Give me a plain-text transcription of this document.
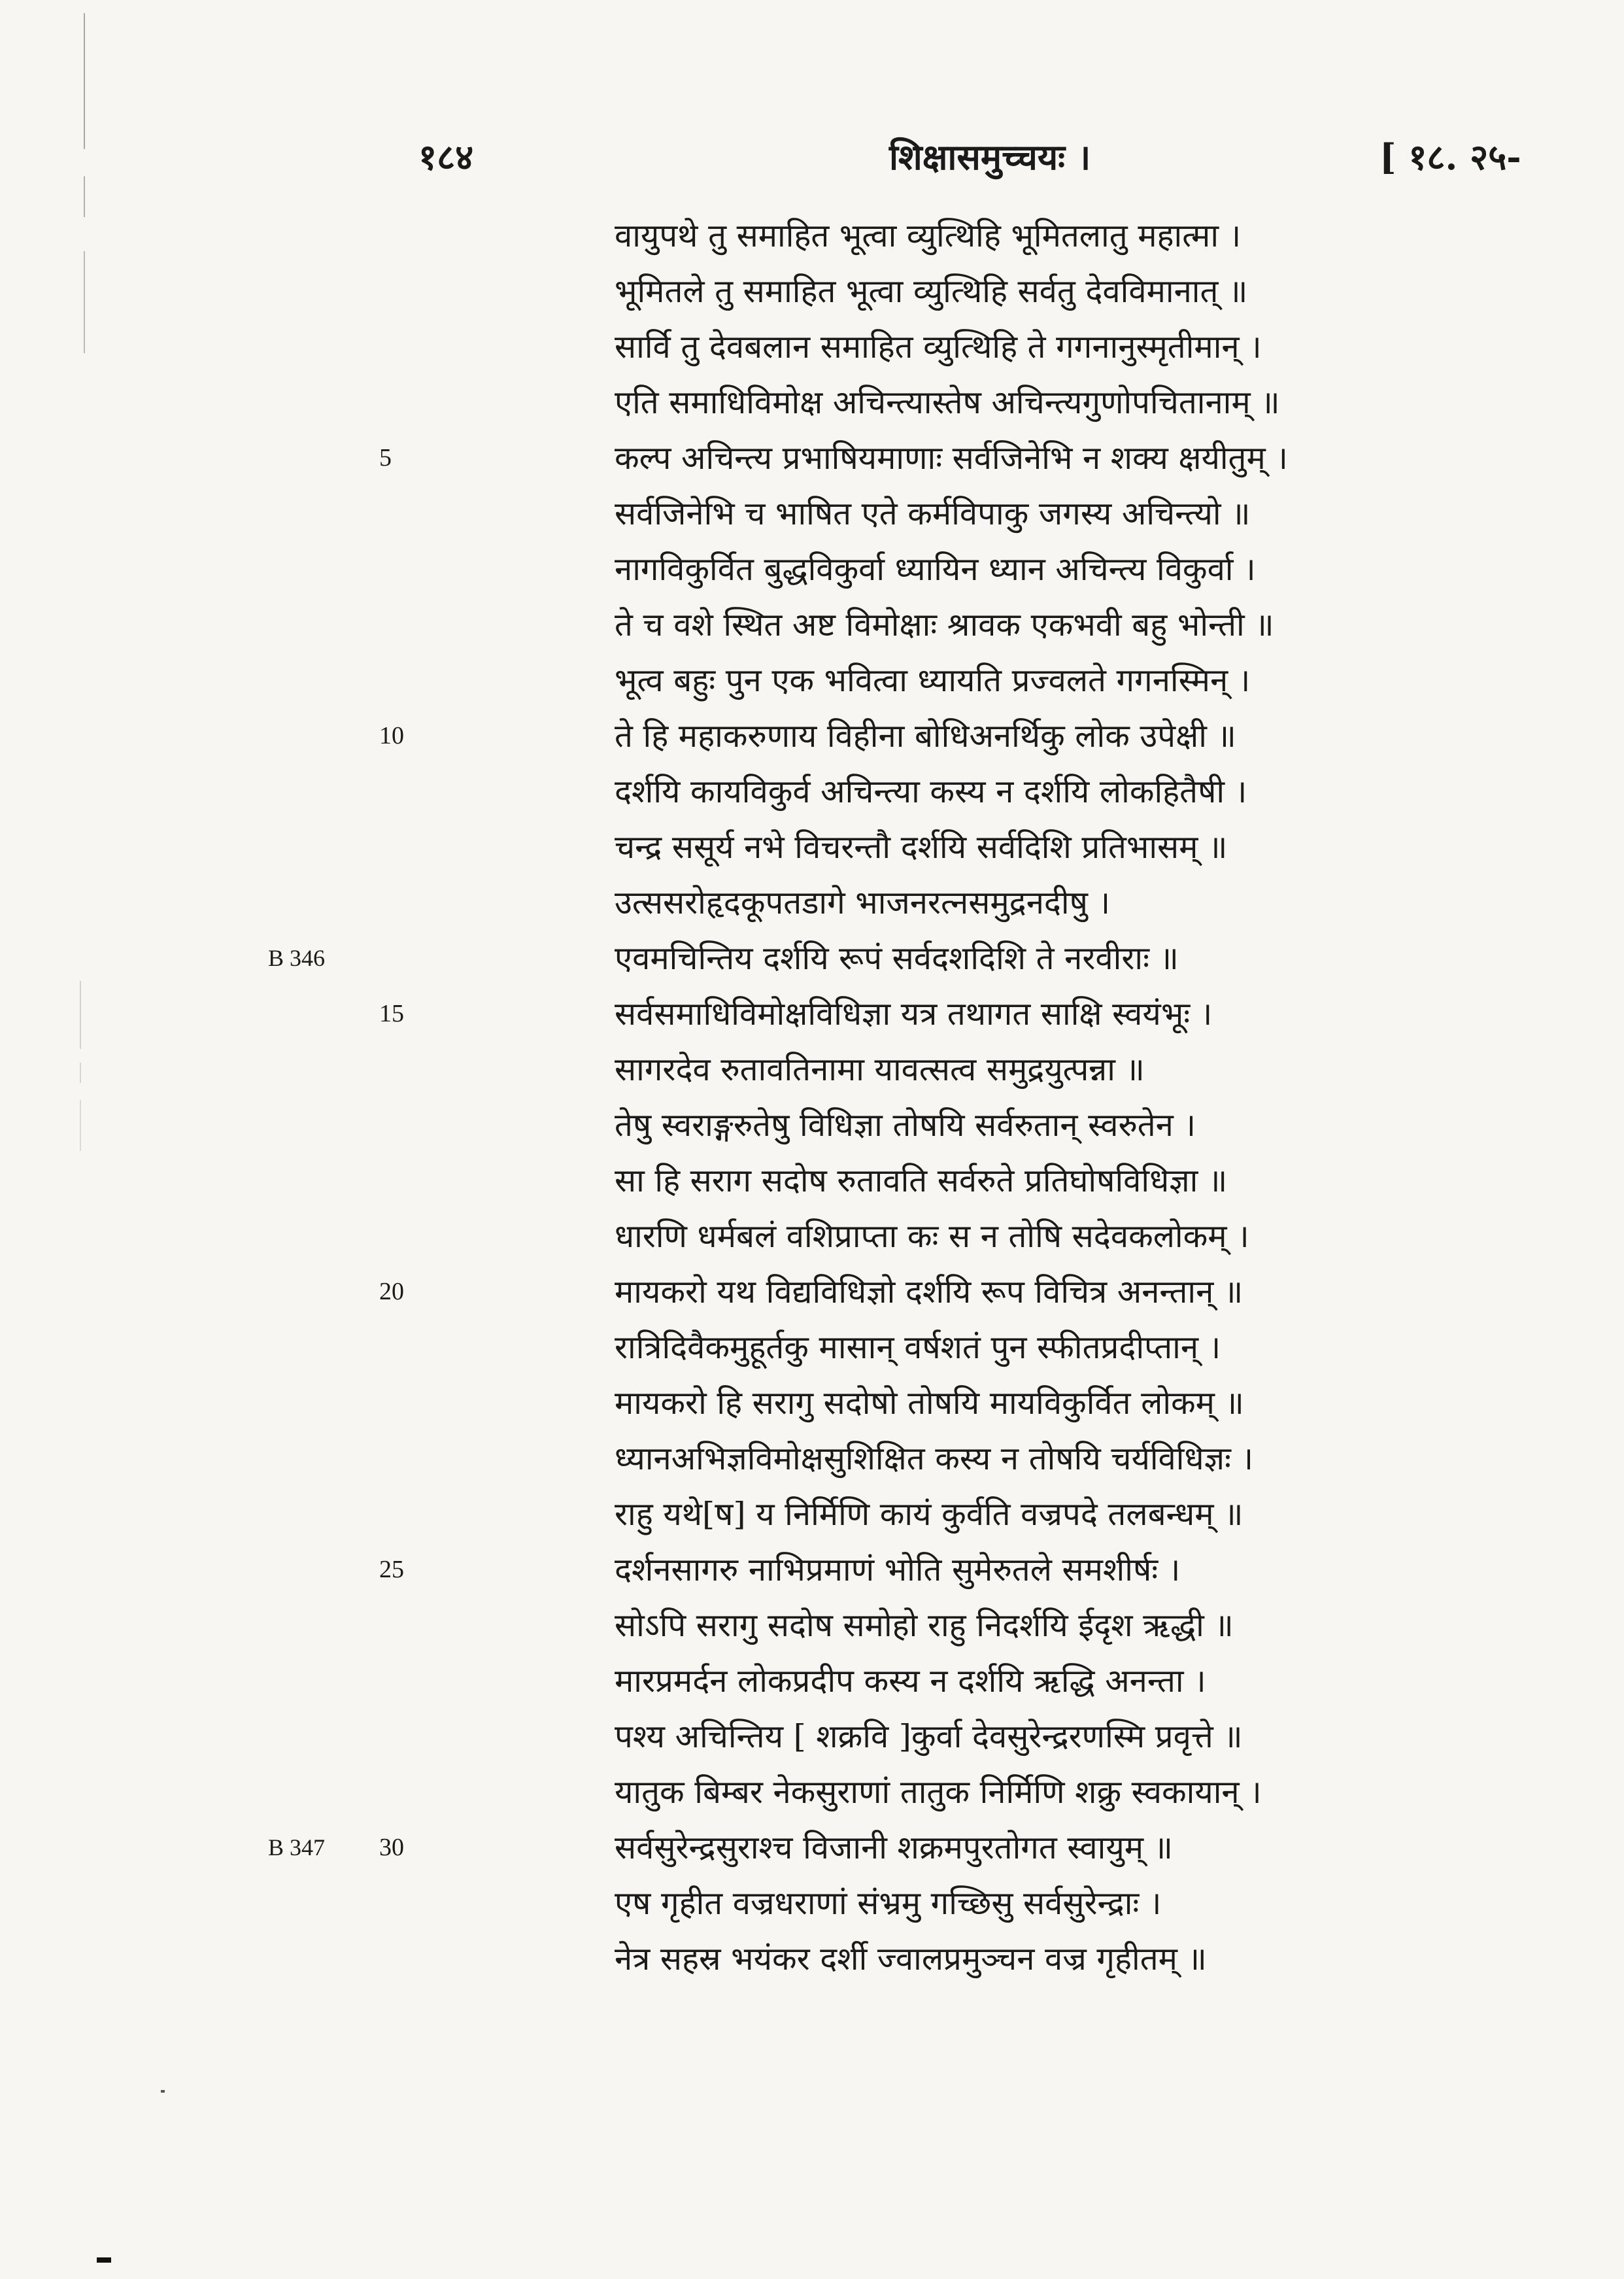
१८४	शिक्षासमुच्चयः ।	[ १८. २५-
वायुपथे तु समाहित भूत्वा व्युत्थिहि भूमितलातु महात्मा ।
भूमितले तु समाहित भूत्वा व्युत्थिहि सर्वतु देवविमानात् ॥
सार्वि तु देवबलान समाहित व्युत्थिहि ते गगनानुस्मृतीमान् ।
एति समाधिविमोक्ष अचिन्त्यास्तेष अचिन्त्यगुणोपचितानाम् ॥
5	कल्प अचिन्त्य प्रभाषियमाणाः सर्वजिनेभि न शक्य क्षयीतुम् ।
सर्वजिनेभि च भाषित एते कर्मविपाकु जगस्य अचिन्त्यो ॥
नागविकुर्वित बुद्धविकुर्वा ध्यायिन ध्यान अचिन्त्य विकुर्वा ।
ते च वशे स्थित अष्ट विमोक्षाः श्रावक एकभवी बहु भोन्ती ॥
भूत्व बहुः पुन एक भवित्वा ध्यायति प्रज्वलते गगनस्मिन् ।
10	ते हि महाकरुणाय विहीना बोधिअनर्थिकु लोक उपेक्षी ॥
दर्शयि कायविकुर्व अचिन्त्या कस्य न दर्शयि लोकहितैषी ।
चन्द्र ससूर्य नभे विचरन्तौ दर्शयि सर्वदिशि प्रतिभासम् ॥
उत्ससरोहृदकूपतडागे भाजनरत्नसमुद्रनदीषु ।
B 346	एवमचिन्तिय दर्शयि रूपं सर्वदशदिशि ते नरवीराः ॥
15	सर्वसमाधिविमोक्षविधिज्ञा यत्र तथागत साक्षि स्वयंभूः ।
सागरदेव रुतावतिनामा यावत्सत्व समुद्रयुत्पन्ना ॥
तेषु स्वराङ्गरुतेषु विधिज्ञा तोषयि सर्वरुतान् स्वरुतेन ।
सा हि सराग सदोष रुतावति सर्वरुते प्रतिघोषविधिज्ञा ॥
धारणि धर्मबलं वशिप्राप्ता कः स न तोषि सदेवकलोकम् ।
20	मायकरो यथ विद्यविधिज्ञो दर्शयि रूप विचित्र अनन्तान् ॥
रात्रिदिवैकमुहूर्तकु मासान् वर्षशतं पुन स्फीतप्रदीप्तान् ।
मायकरो हि सरागु सदोषो तोषयि मायविकुर्वित लोकम् ॥
ध्यानअभिज्ञविमोक्षसुशिक्षित कस्य न तोषयि चर्यविधिज्ञः ।
राहु यथे[ष] य निर्मिणि कायं कुर्वति वज्रपदे तलबन्धम् ॥
25	दर्शनसागरु नाभिप्रमाणं भोति सुमेरुतले समशीर्षः ।
सोऽपि सरागु सदोष समोहो राहु निदर्शयि ईदृश ऋद्धी ॥
मारप्रमर्दन लोकप्रदीप कस्य न दर्शयि ऋद्धि अनन्ता ।
पश्य अचिन्तिय [ शक्रवि ]कुर्वा देवसुरेन्द्ररणस्मि प्रवृत्ते ॥
यातुक बिम्बर नेकसुराणां तातुक निर्मिणि शक्रु स्वकायान् ।
B 347 30	सर्वसुरेन्द्रसुराश्च विजानी शक्रमपुरतोगत स्वायुम् ॥
एष गृहीत वज्रधराणां संभ्रमु गच्छिसु सर्वसुरेन्द्राः ।
नेत्र सहस्र भयंकर दर्शी ज्वालप्रमुञ्चन वज्र गृहीतम् ॥
